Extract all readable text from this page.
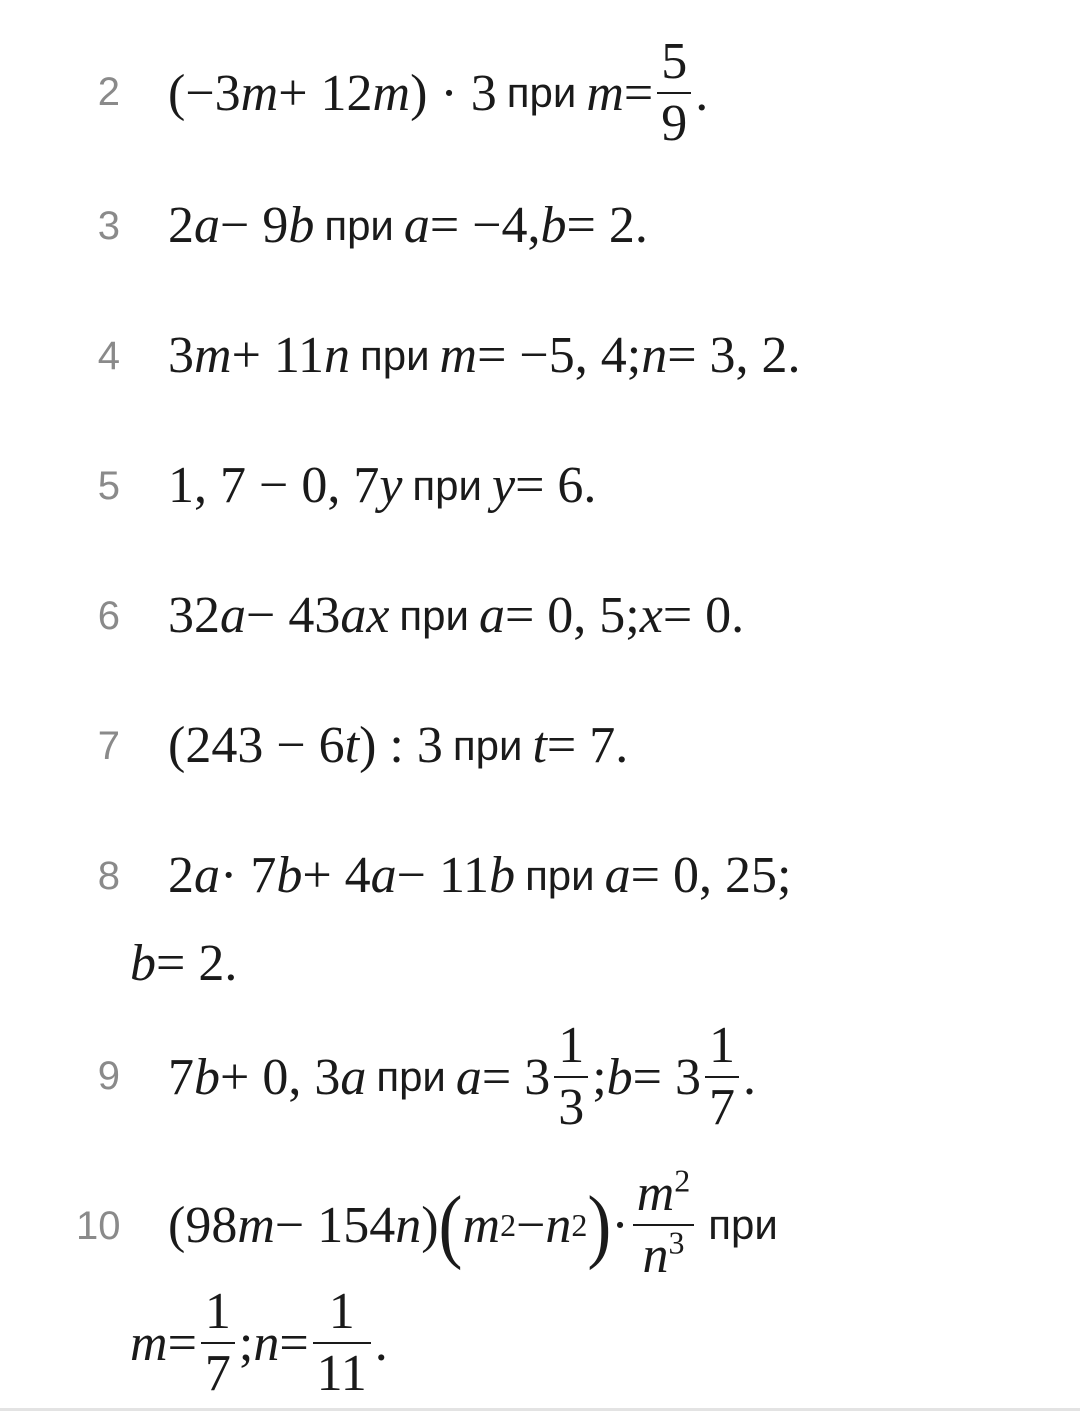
2 (−3 m + 12 m ) · 3 при $m = \frac{5}{9}$ .
3 2 a − 9 b при a = −4, b = 2.
4 3 m + 11 n при m = −5, 4; n = 3, 2.
5 1, 7 − 0, 7 y при y = 6.
6 32 a − 43 ax при a = 0, 5; x = 0.
7 (243 − 6 t ) : 3 при t = 7.
8 2 a · 7 b + 4 a − 11 b при a = 0, 25;
b = 2.
9 7 b + 0, 3 a при $a = 3 \frac{1}{3}$ ; $b = 3 \frac{1}{7}$ .
10 (98 m − 154 n ) ( m 2 − n 2 ) · $\frac{m^2}{n^3}$ при
$m = \frac{1}{7}$ ; $n = \frac{1}{11}$ .
